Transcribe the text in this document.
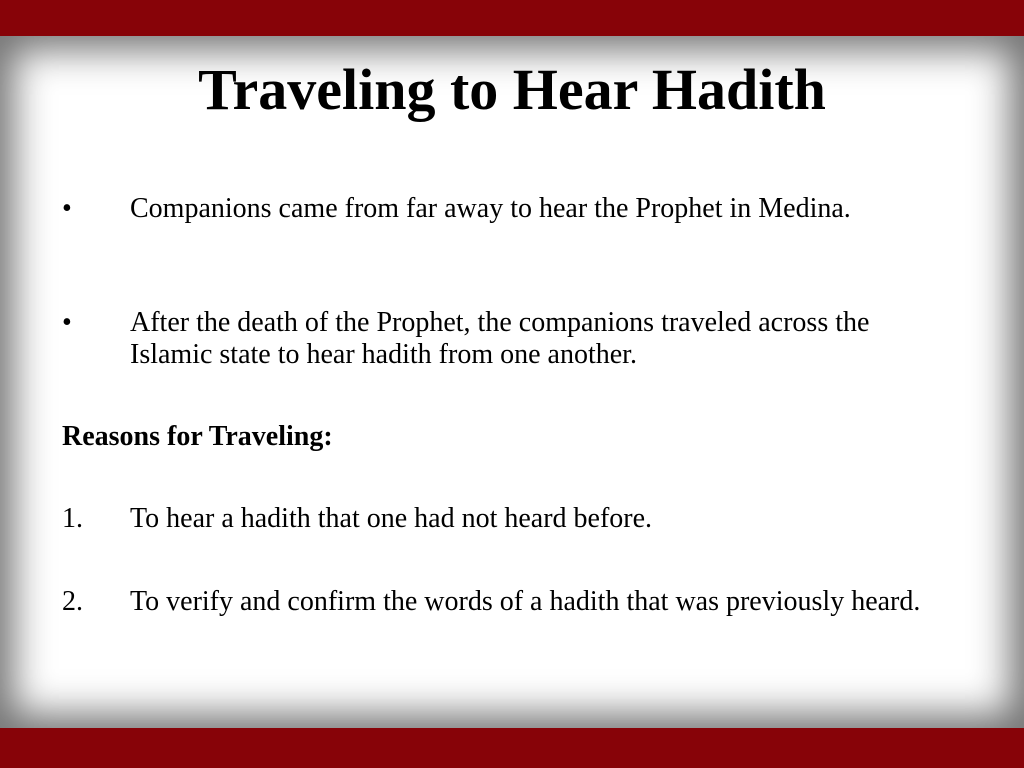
Traveling to Hear Hadith
•	Companions came from far away to hear the Prophet in Medina.
•	After the death of the Prophet, the companions traveled across the Islamic state to hear hadith from one another.
Reasons for Traveling:
1.	To hear a hadith that one had not heard before.
2.	To verify and confirm the words of a hadith that was previously heard.
